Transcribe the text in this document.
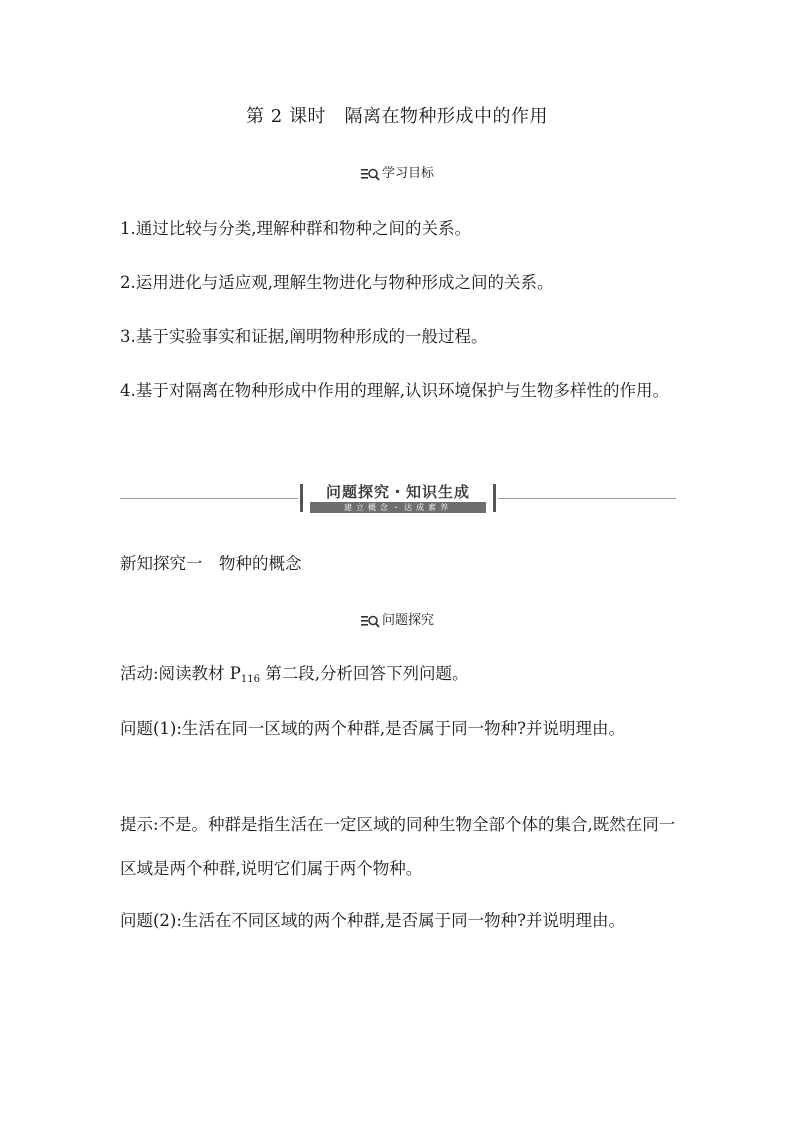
第 2 课时　隔离在物种形成中的作用
学习目标

1.通过比较与分类,理解种群和物种之间的关系。

2.运用进化与适应观,理解生物进化与物种形成之间的关系。

3.基于实验事实和证据,阐明物种形成的一般过程。

4.基于对隔离在物种形成中作用的理解,认识环境保护与生物多样性的作用。

问题探究・知识生成
建立概念・达成素养

新知探究一　物种的概念

问题探究

活动:阅读教材 $P_{116}$ 第二段,分析回答下列问题。

问题(1):生活在同一区域的两个种群,是否属于同一物种?并说明理由。

提示:不是。种群是指生活在一定区域的同种生物全部个体的集合,既然在同一区域是两个种群,说明它们属于两个物种。

问题(2):生活在不同区域的两个种群,是否属于同一物种?并说明理由。
